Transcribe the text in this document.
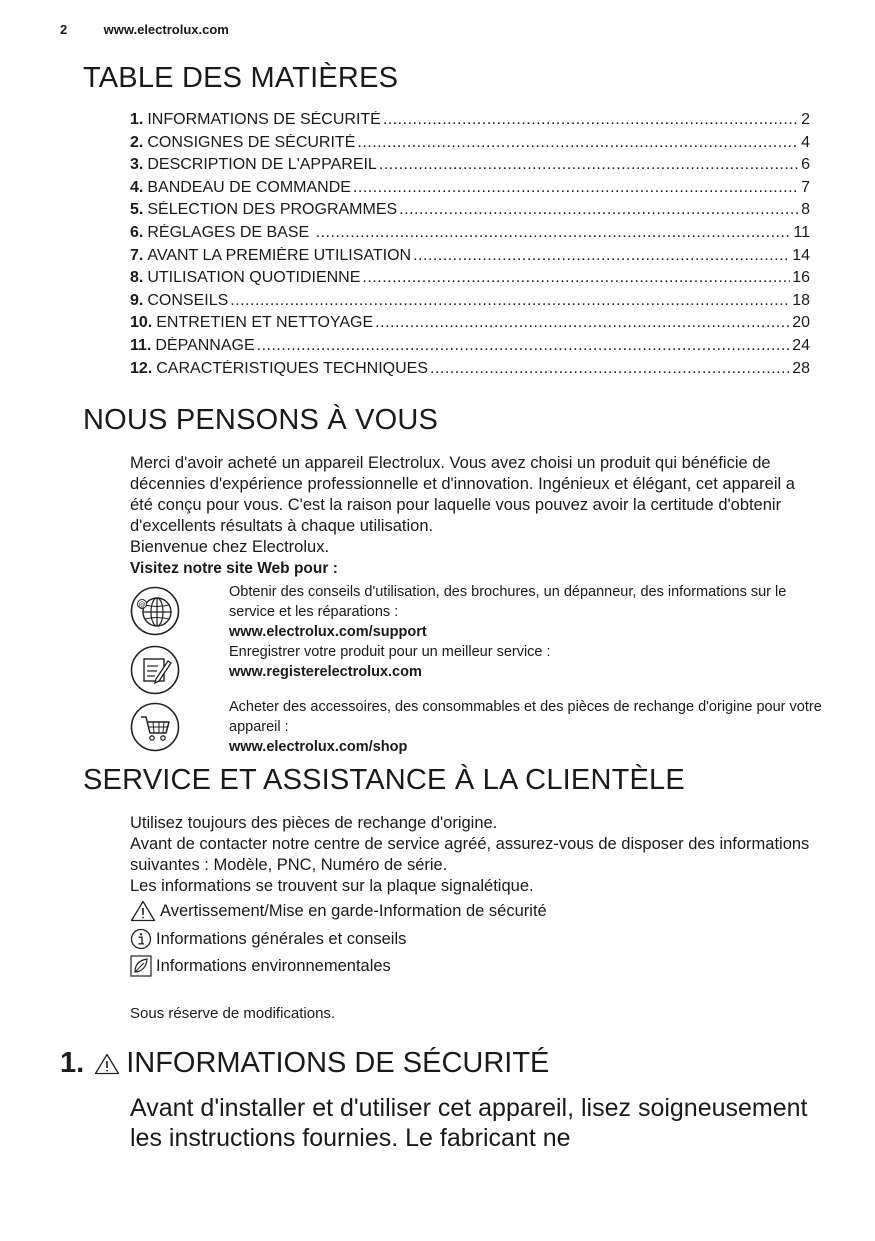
2	www.electrolux.com
TABLE DES MATIÈRES
1. INFORMATIONS DE SÉCURITÉ .....	2
2. CONSIGNES DE SÉCURITÉ .....	4
3. DESCRIPTION DE L'APPAREIL .....	6
4. BANDEAU DE COMMANDE .....	7
5. SÉLECTION DES PROGRAMMES .....	8
6. RÉGLAGES DE BASE .....	11
7. AVANT LA PREMIÈRE UTILISATION .....	14
8. UTILISATION QUOTIDIENNE .....	16
9. CONSEILS .....	18
10. ENTRETIEN ET NETTOYAGE .....	20
11. DÉPANNAGE .....	24
12. CARACTÉRISTIQUES TECHNIQUES .....	28
NOUS PENSONS À VOUS
Merci d'avoir acheté un appareil Electrolux. Vous avez choisi un produit qui bénéficie de décennies d'expérience professionnelle et d'innovation. Ingénieux et élégant, cet appareil a été conçu pour vous. C'est la raison pour laquelle vous pouvez avoir la certitude d'obtenir d'excellents résultats à chaque utilisation.
Bienvenue chez Electrolux.
Visitez notre site Web pour :
@
Obtenir des conseils d'utilisation, des brochures, un dépanneur, des informations sur le service et les réparations :
www.electrolux.com/support
Enregistrer votre produit pour un meilleur service :
www.registerelectrolux.com
Acheter des accessoires, des consommables et des pièces de rechange d'origine pour votre appareil :
www.electrolux.com/shop
SERVICE ET ASSISTANCE À LA CLIENTÈLE
Utilisez toujours des pièces de rechange d'origine.
Avant de contacter notre centre de service agréé, assurez-vous de disposer des informations suivantes : Modèle, PNC, Numéro de série.
Les informations se trouvent sur la plaque signalétique.
Avertissement/Mise en garde-Information de sécurité
Informations générales et conseils
Informations environnementales
Sous réserve de modifications.
1. INFORMATIONS DE SÉCURITÉ
Avant d'installer et d'utiliser cet appareil, lisez soigneusement les instructions fournies. Le fabricant ne
